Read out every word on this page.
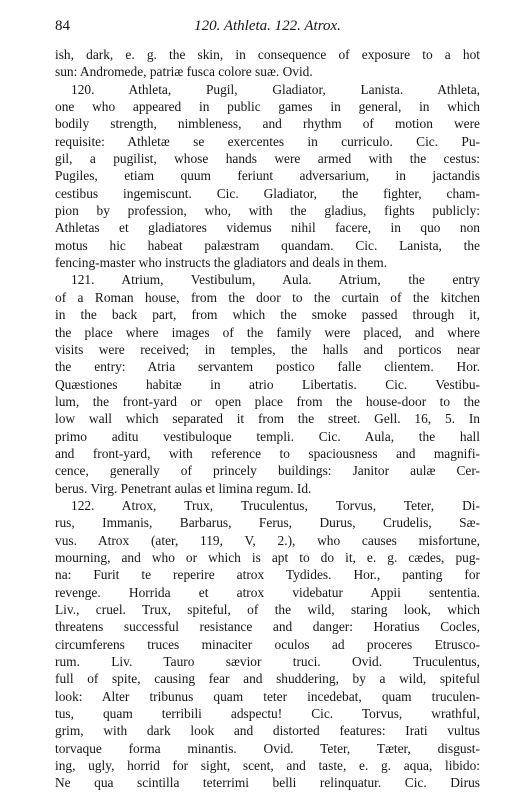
84	120. Athleta. 122. Atrox.
ish, dark, e. g. the skin, in consequence of exposure to a hot
sun: Andromede, patriæ fusca colore suæ. Ovid.
120. Athleta, Pugil, Gladiator, Lanista. Athleta,
one who appeared in public games in general, in which
bodily strength, nimbleness, and rhythm of motion were
requisite: Athletæ se exercentes in curriculo. Cic. Pu-
gil, a pugilist, whose hands were armed with the cestus:
Pugiles, etiam quum feriunt adversarium, in jactandis
cestibus ingemiscunt. Cic. Gladiator, the fighter, cham-
pion by profession, who, with the gladius, fights publicly:
Athletas et gladiatores videmus nihil facere, in quo non
motus hic habeat palæstram quandam. Cic. Lanista, the
fencing-master who instructs the gladiators and deals in them.
121. Atrium, Vestibulum, Aula. Atrium, the entry
of a Roman house, from the door to the curtain of the kitchen
in the back part, from which the smoke passed through it,
the place where images of the family were placed, and where
visits were received; in temples, the halls and porticos near
the entry: Atria servantem postico falle clientem. Hor.
Quæstiones habitæ in atrio Libertatis. Cic. Vestibu-
lum, the front-yard or open place from the house-door to the
low wall which separated it from the street. Gell. 16, 5. In
primo aditu vestibuloque templi. Cic. Aula, the hall
and front-yard, with reference to spaciousness and magnifi-
cence, generally of princely buildings: Janitor aulæ Cer-
berus. Virg. Penetrant aulas et limina regum. Id.
122. Atrox, Trux, Truculentus, Torvus, Teter, Di-
rus, Immanis, Barbarus, Ferus, Durus, Crudelis, Sæ-
vus. Atrox (ater, 119, V, 2.), who causes misfortune,
mourning, and who or which is apt to do it, e. g. cædes, pug-
na: Furit te reperire atrox Tydides. Hor., panting for
revenge. Horrida et atrox videbatur Appii sententia.
Liv., cruel. Trux, spiteful, of the wild, staring look, which
threatens successful resistance and danger: Horatius Cocles,
circumferens truces minaciter oculos ad proceres Etrusco-
rum. Liv. Tauro sævior truci. Ovid. Truculentus,
full of spite, causing fear and shuddering, by a wild, spiteful
look: Alter tribunus quam teter incedebat, quam truculen-
tus, quam terribili adspectu! Cic. Torvus, wrathful,
grim, with dark look and distorted features: Irati vultus
torvaque forma minantis. Ovid. Teter, Tæter, disgust-
ing, ugly, horrid for sight, scent, and taste, e. g. aqua, libido:
Ne qua scintilla teterrimi belli relinquatur. Cic. Dirus
